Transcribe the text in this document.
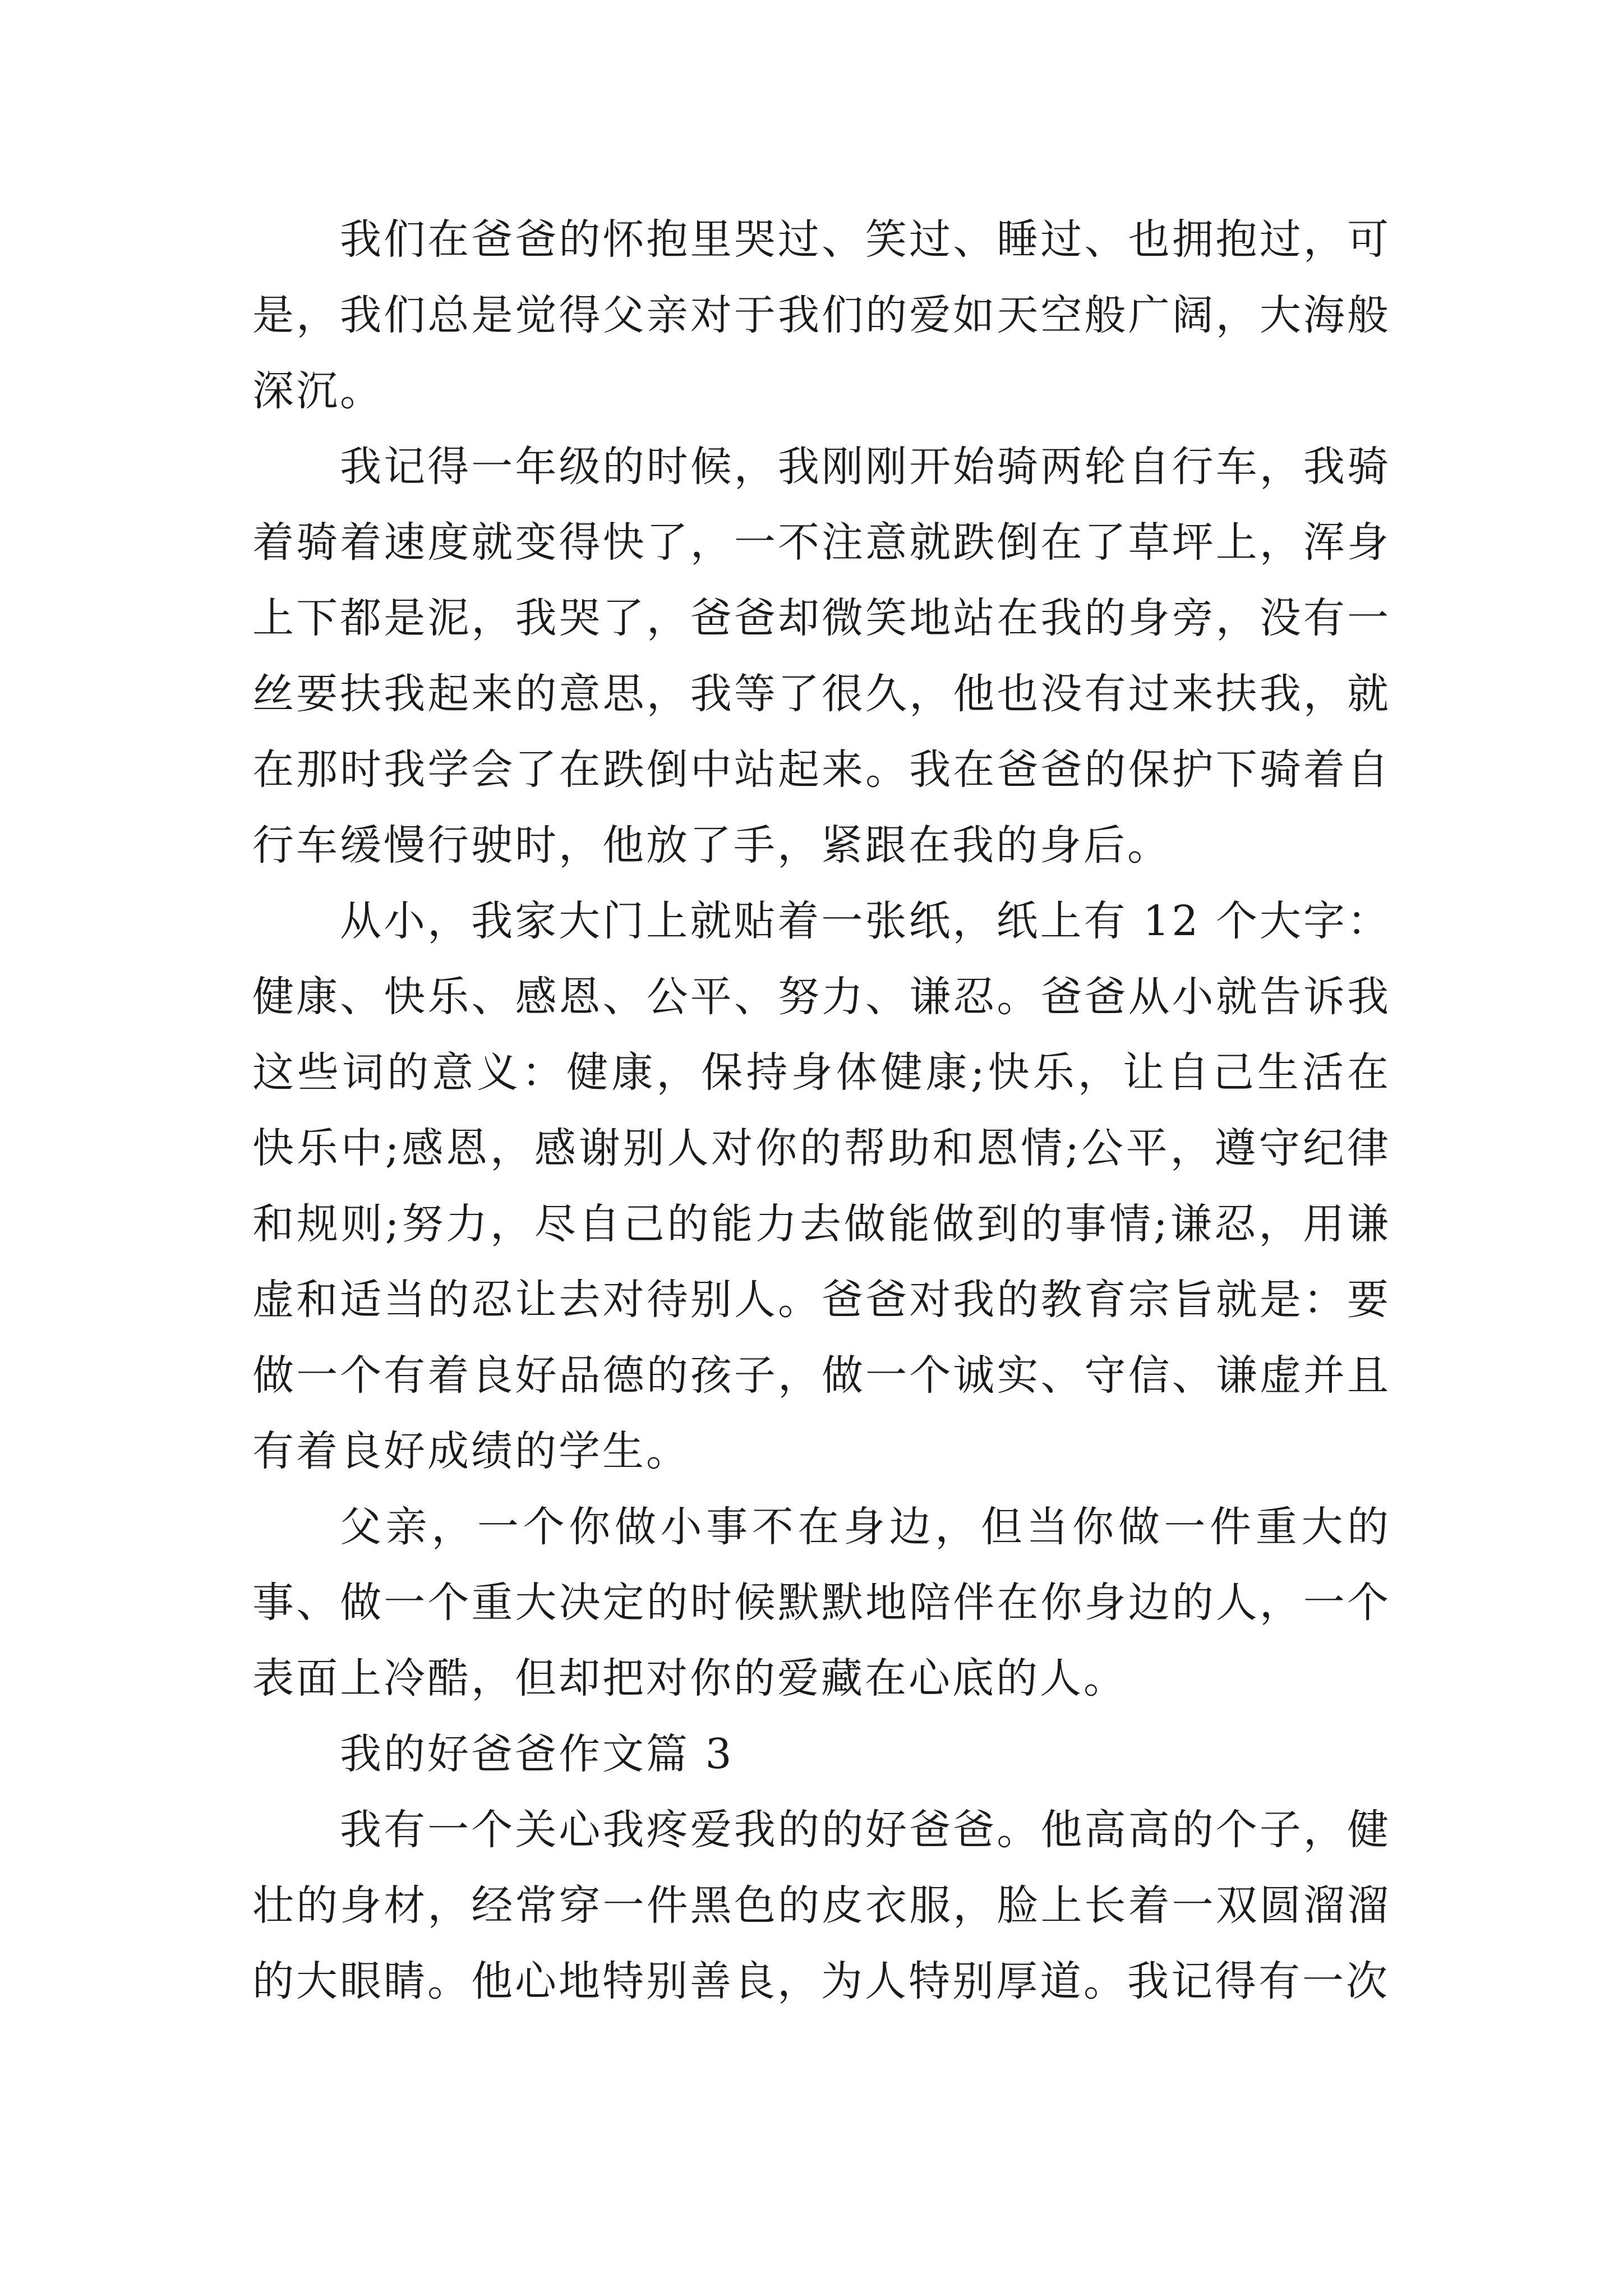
我们在爸爸的怀抱里哭过、笑过、睡过、也拥抱过，可是，我们总是觉得父亲对于我们的爱如天空般广阔，大海般深沉。

我记得一年级的时候，我刚刚开始骑两轮自行车，我骑着骑着速度就变得快了，一不注意就跌倒在了草坪上，浑身上下都是泥，我哭了，爸爸却微笑地站在我的身旁，没有一丝要扶我起来的意思，我等了很久，他也没有过来扶我，就在那时我学会了在跌倒中站起来。我在爸爸的保护下骑着自行车缓慢行驶时，他放了手，紧跟在我的身后。

从小，我家大门上就贴着一张纸，纸上有 12 个大字：健康、快乐、感恩、公平、努力、谦忍。爸爸从小就告诉我这些词的意义：健康，保持身体健康;快乐，让自己生活在快乐中;感恩，感谢别人对你的帮助和恩情;公平，遵守纪律和规则;努力，尽自己的能力去做能做到的事情;谦忍，用谦虚和适当的忍让去对待别人。爸爸对我的教育宗旨就是：要做一个有着良好品德的孩子，做一个诚实、守信、谦虚并且有着良好成绩的学生。

父亲，一个你做小事不在身边，但当你做一件重大的事、做一个重大决定的时候默默地陪伴在你身边的人，一个表面上冷酷，但却把对你的爱藏在心底的人。

我的好爸爸作文篇 3

我有一个关心我疼爱我的的好爸爸。他高高的个子，健壮的身材，经常穿一件黑色的皮衣服，脸上长着一双圆溜溜的大眼睛。他心地特别善良，为人特别厚道。我记得有一次
